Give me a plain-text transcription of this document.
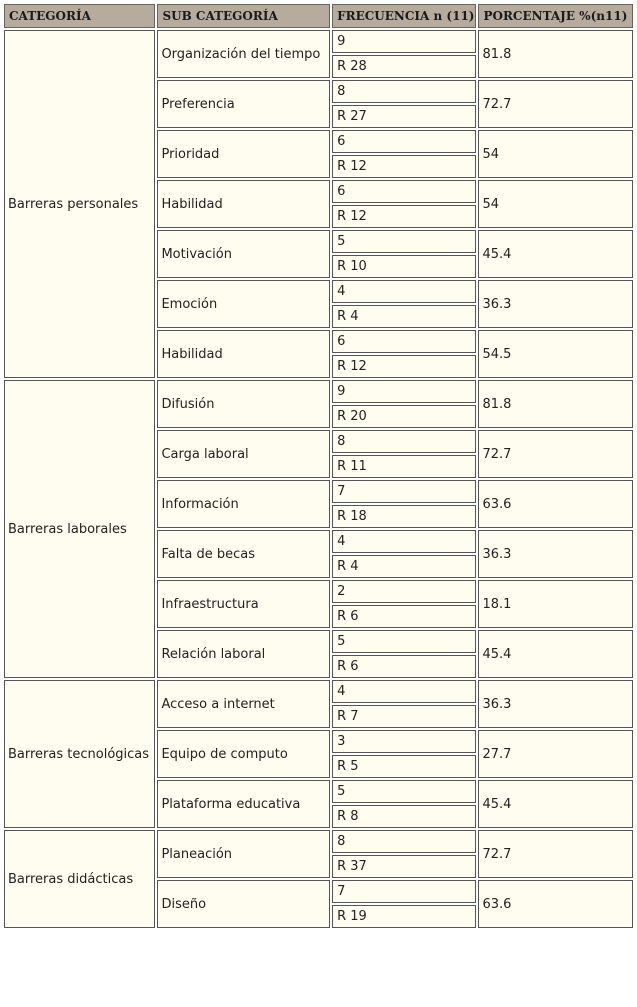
CATEGORÍA	SUB CATEGORÍA	FRECUENCIA n (11)	PORCENTAJE %(n11)
Barreras personales	Organización del tiempo	9	81.8
		R 28	
	Preferencia	8	72.7
		R 27	
	Prioridad	6	54
		R 12	
	Habilidad	6	54
		R 12	
	Motivación	5	45.4
		R 10	
	Emoción	4	36.3
		R 4	
	Habilidad	6	54.5
		R 12	
Barreras laborales	Difusión	9	81.8
		R 20	
	Carga laboral	8	72.7
		R 11	
	Información	7	63.6
		R 18	
	Falta de becas	4	36.3
		R 4	
	Infraestructura	2	18.1
		R 6	
	Relación laboral	5	45.4
		R 6	
Barreras tecnológicas	Acceso a internet	4	36.3
		R 7	
	Equipo de computo	3	27.7
		R 5	
	Plataforma educativa	5	45.4
		R 8	
Barreras didácticas	Planeación	8	72.7
		R 37	
	Diseño	7	63.6
		R 19	
